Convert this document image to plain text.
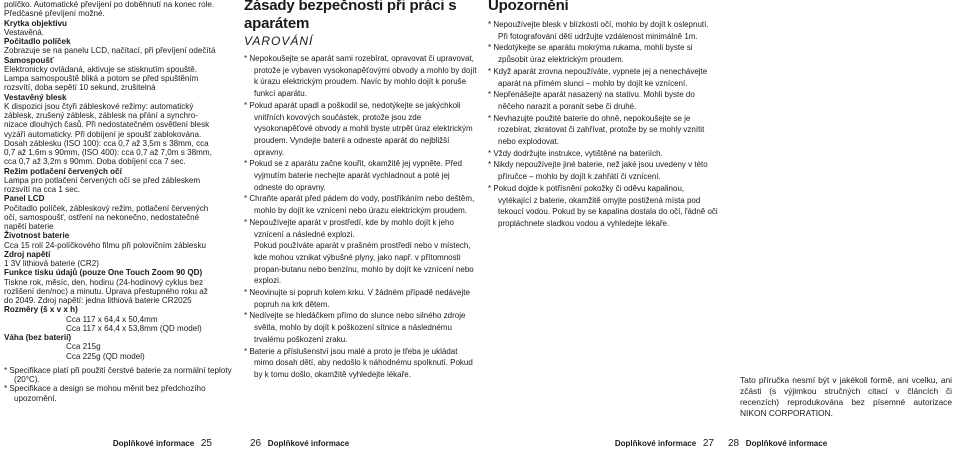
políčko. Automatické převíjení po doběhnutí na konec role.
Předčasné převíjení možné.
Krytka objektivu
Vestavěná.
Počitadlo políček
Zobrazuje se na panelu LCD, načítací, při převíjení odečítá
Samospoušť
Elektronicky ovládaná, aktivuje se stisknutím spouště.
Lampa samospouště bliká a potom se před spuštěním
rozsvítí, doba sepětí 10 sekund, zrušitelná
Vestavěný blesk
K dispozici jsou čtyři zábleskové režimy: automatický
záblesk, zrušený záblesk, záblesk na přání a synchro-
nizace dlouhých časů. Při nedostatečném osvětlení blesk
vyzáří automaticky. Při dobíjení je spoušť zablokována.
Dosah záblesku (ISO 100): cca 0,7 až 3,5m s 38mm, cca
0,7 až 1,6m s 90mm, (ISO 400): cca 0,7 až 7,0m s 38mm,
cca 0,7 až 3,2m s 90mm. Doba dobíjení cca 7 sec.
Režim potlačení červených očí
Lampa pro potlačení červených očí se před zábleskem
rozsvítí na cca 1 sec.
Panel LCD
Počitadlo políček, zábleskový režim, potlačení červených
očí, samospoušť, ostření na nekonečno, nedostatečné
napětí baterie
Životnost baterie
Cca 15 rolí 24-políčkového filmu při polovičním záblesku
Zdroj napětí
1 3V lithiová baterie (CR2)
Funkce tisku údajů (pouze One Touch Zoom 90 QD)
Tiskne rok, měsíc, den, hodinu (24-hodinový cyklus bez
rozlišení den/noc) a minutu. Úprava přestupného roku až
do 2049. Zdroj napětí: jedna lithiová baterie CR2025
Rozměry (š x v x h)
Cca 117 x 64,4 x 50,4mm
Cca 117 x 64,4 x 53,8mm (QD model)
Váha (bez baterií)
Cca 215g
Cca 225g (QD model)
* Specifikace platí při použití čerstvé baterie za normální teploty (20°C).
* Specifikace a design se mohou měnit bez předchozího upozornění.
Doplňkové informace 25
Zásady bezpečnosti při práci s aparátem
VAROVÁNÍ
* Nepokoušejte se aparát sami rozebírat, opravovat či upravovat, protože je vybaven vysokonapěťovými obvody a mohlo by dojít k úrazu elektrickým proudem. Navíc by mohlo dojít k poruše funkcí aparátu.
* Pokud aparát upadl a poškodil se, nedotýkejte se jakýchkoli vnitřních kovových součástek, protože jsou zde vysokonapěťové obvody a mohli byste utrpět úraz elektrickým proudem. Vyndejte baterii a odneste aparát do nejbližší opravny.
* Pokud se z aparátu začne kouřit, okamžitě jej vypněte. Před vyjmutím baterie nechejte aparát vychladnout a poté jej odneste do opravny.
* Chraňte aparát před pádem do vody, postříkáním nebo deštěm, mohlo by dojít ke vznícení nebo úrazu elektrickým proudem.
* Nepoužívejte aparát v prostředí, kde by mohlo dojít k jeho vznícení a následné explozi.
Pokud používáte aparát v prašném prostředí nebo v místech, kde mohou vznikat výbušné plyny, jako např. v přítomnosti propan-butanu nebo benzínu, mohlo by dojít ke vznícení nebo explozi.
* Neovinujte si popruh kolem krku. V žádném případě nedávejte popruh na krk dětem.
* Nedívejte se hledáčkem přímo do slunce nebo silného zdroje světla, mohlo by dojít k poškození sítnice a následnému trvalému poškození zraku.
* Baterie a příslušenství jsou malé a proto je třeba je ukládat mimo dosah dětí, aby nedošlo k náhodnému spolknutí. Pokud by k tomu došlo, okamžitě vyhledejte lékaře.
26 Doplňkové informace
Upozornění
* Nepoužívejte blesk v blízkosti očí, mohlo by dojít k oslepnutí. Při fotografování dětí udržujte vzdálenost minimálně 1m.
* Nedotýkejte se aparátu mokrýma rukama, mohli byste si způsobit úraz elektrickým proudem.
* Když aparát zrovna nepoužíváte, vypnete jej a nenechávejte aparát na přímém slunci – mohlo by dojít ke vznícení.
* Nepřenášejte aparát nasazený na stativu. Mohli byste do něčeho narazit a poranit sebe či druhé.
* Nevhazujte použité baterie do ohně, nepokoušejte se je rozebírat, zkratovat či zahřívat, protože by se mohly vznítit nebo explodovat.
* Vždy dodržujte instrukce, vytištěné na bateriích.
* Nikdy nepoužívejte jiné baterie, než jaké jsou uvedeny v této příručce – mohlo by dojít k zahřátí či vznícení.
* Pokud dojde k potřísnění pokožky či oděvu kapalinou, vytékající z baterie, okamžitě omyjte postižená místa pod tekoucí vodou. Pokud by se kapalina dostala do očí, řádně oči propláchnete sladkou vodou a vyhledejte lékaře.
Doplňkové informace 27
Tato příručka nesmí být v jakékoli formě, ani vcelku, ani zčásti (s výjimkou stručných citací v článcích či recenzích) reprodukována bez písemné autorizace NIKON CORPORATION.
28 Doplňkové informace
